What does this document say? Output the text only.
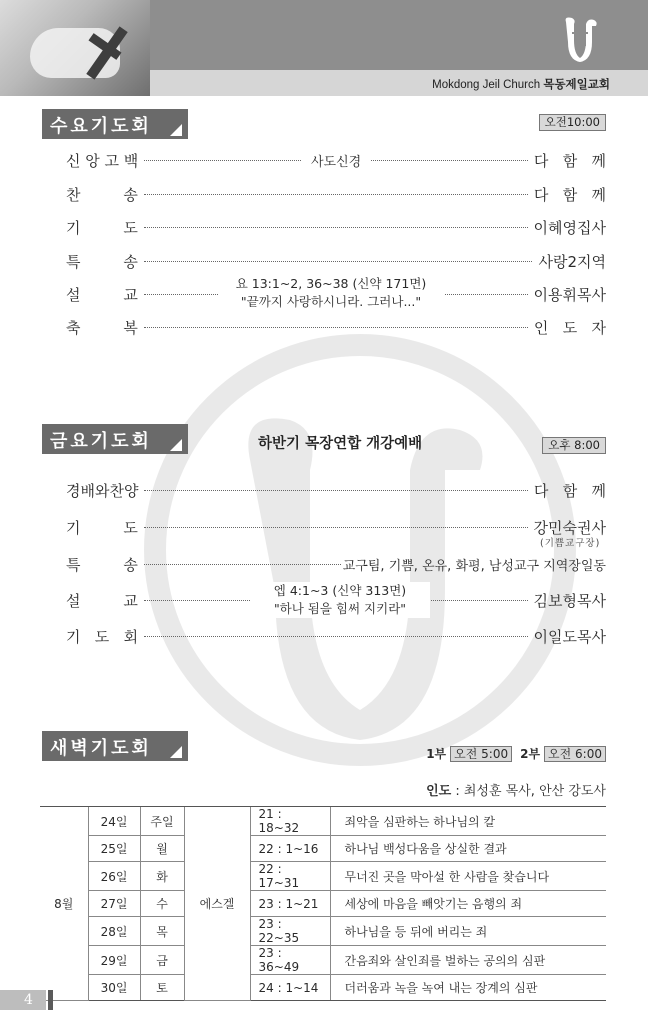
Mokdong Jeil Church 목동제일교회
수요기도회	오전10:00
신 앙 고 백	사도신경	다   함   께
찬         송	다   함   께
기         도	이혜영집사
특         송	사랑2지역
설         교	이용휘목사
요 13:1~2, 36~38 (신약 171면)
"끝까지 사랑하시니라. 그러나..."
축         복	인   도   자
금요기도회	하반기 목장연합 개강예배	오후 8:00
경배와찬양	다   함   께
기         도	강민숙권사
(기쁨교구장)
특         송	교구팀, 기쁨, 온유, 화평, 남성교구 지역장일동
설         교	김보형목사
엡 4:1~3 (신약 313면)
"하나 됨을 힘써 지키라"
기   도   회	이일도목사
새벽기도회	1부 오전 5:00	2부 오전 6:00
인도 : 최성훈 목사, 안산 강도사
8월	24일	주일	에스겔	21 : 18~32	죄악을 심판하는 하나님의 칼
	25일	월		22 : 1~16	하나님 백성다움을 상실한 결과
	26일	화		22 : 17~31	무너진 곳을 막아설 한 사람을 찾습니다
	27일	수		23 : 1~21	세상에 마음을 빼앗기는 음행의 죄
	28일	목		23 : 22~35	하나님을 등 뒤에 버리는 죄
	29일	금		23 : 36~49	간음죄와 살인죄를 벌하는 공의의 심판
	30일	토		24 : 1~14	더러움과 녹을 녹여 내는 장계의 심판
4
